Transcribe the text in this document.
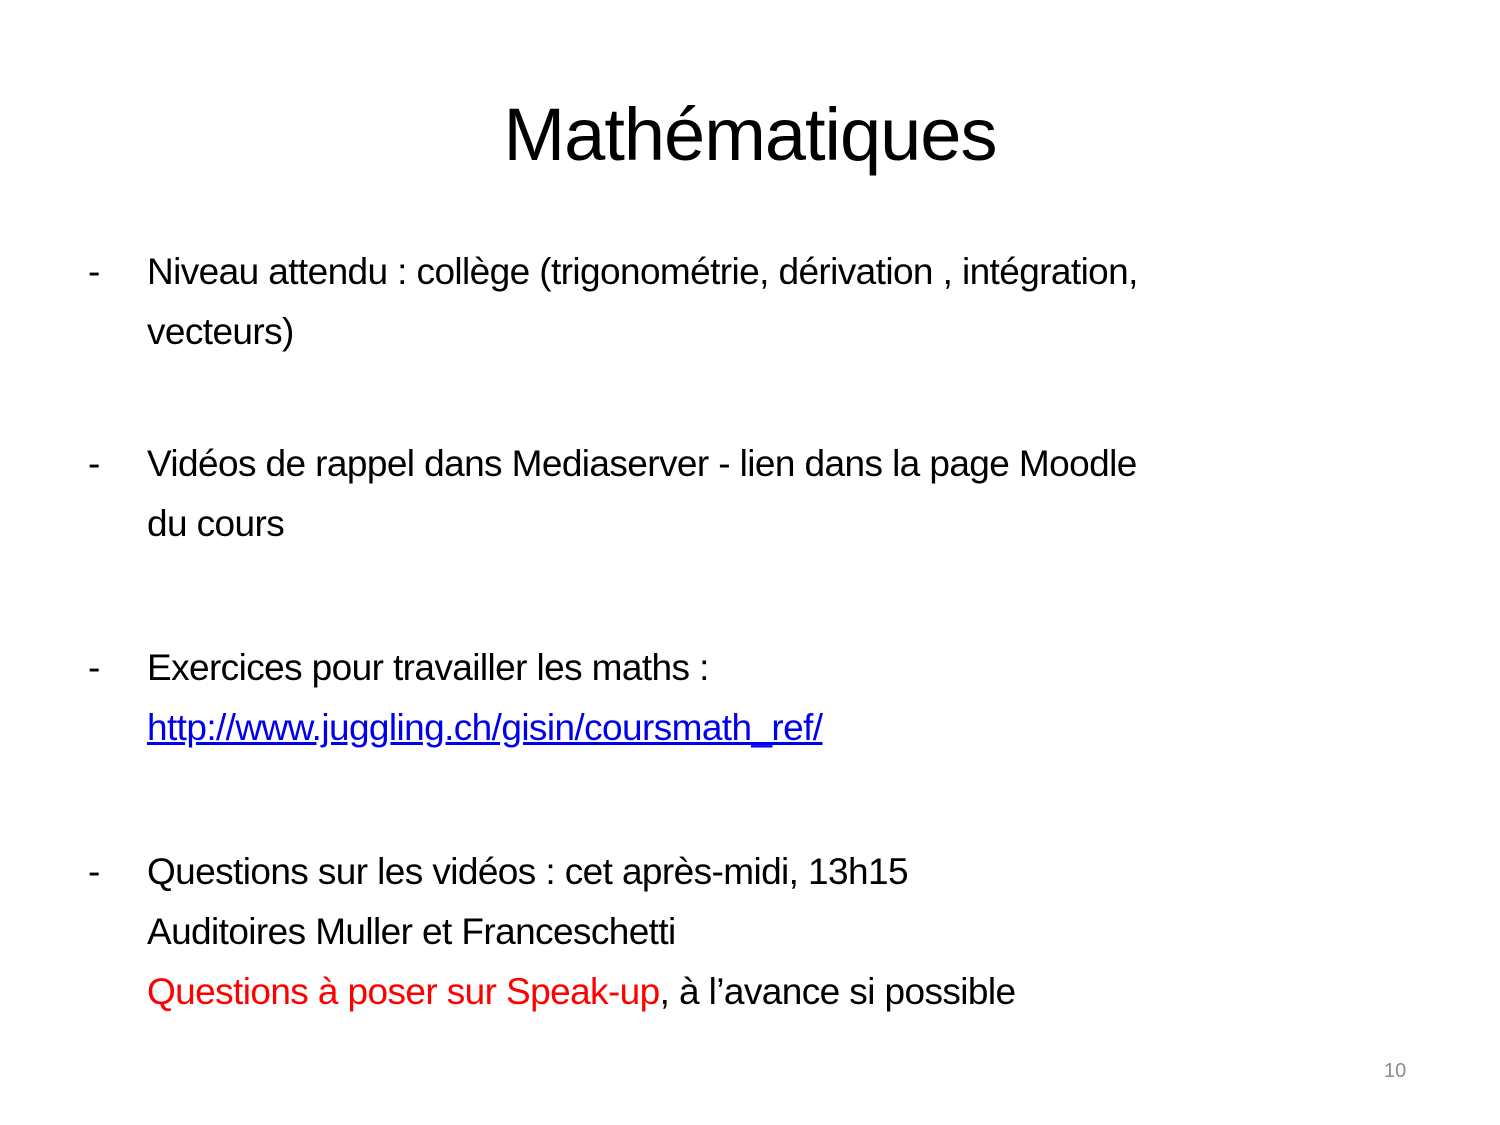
Mathématiques
- Niveau attendu : collège (trigonométrie, dérivation , intégration,
vecteurs)
- Vidéos de rappel dans Mediaserver - lien dans la page Moodle
du cours
- Exercices pour travailler les maths :
http://www.juggling.ch/gisin/coursmath_ref/
- Questions sur les vidéos : cet après-midi, 13h15
Auditoires Muller et Franceschetti
Questions à poser sur Speak-up, à l’avance si possible
10
